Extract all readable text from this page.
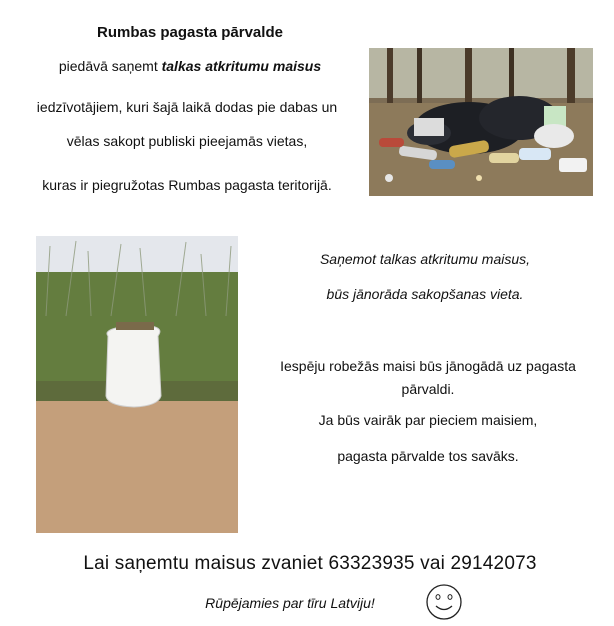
Rumbas pagasta pārvalde
piedāvā saņemt talkas atkritumu maisus
iedzīvotājiem, kuri šajā laikā dodas pie dabas un
vēlas sakopt publiski pieejamās vietas,
kuras ir piegružotas Rumbas pagasta teritorijā.
Saņemot talkas atkritumu maisus,
būs jānorāda sakopšanas vieta.
Iespēju robežās maisi būs jānogādā uz pagasta pārvaldi.
Ja būs vairāk par pieciem maisiem,
pagasta pārvalde tos savāks.
Lai saņemtu maisus zvaniet 63323935 vai 29142073
Rūpējamies par tīru Latviju!
